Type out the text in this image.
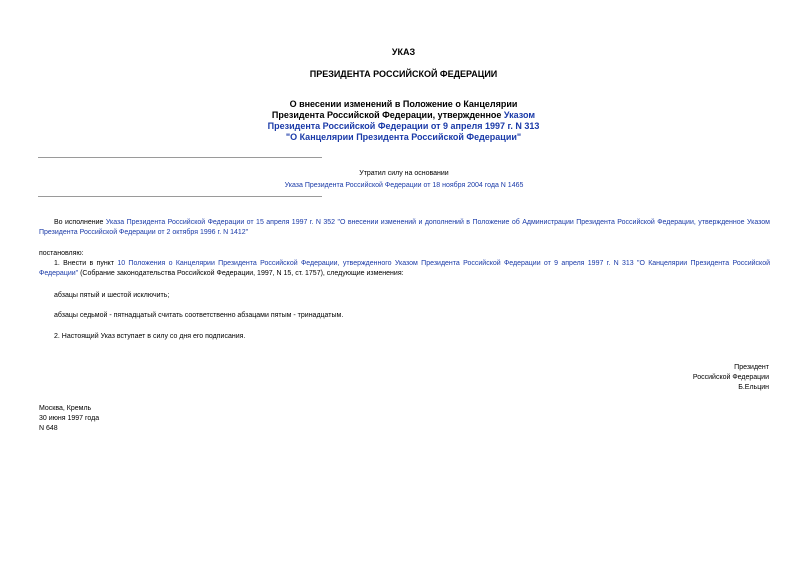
УКАЗ
ПРЕЗИДЕНТА РОССИЙСКОЙ ФЕДЕРАЦИИ
О внесении изменений в Положение о Канцелярии
Президента Российской Федерации, утвержденное Указом
Президента Российской Федерации от 9 апреля 1997 г. N 313
"О Канцелярии Президента Российской Федерации"
Утратил силу на основании
Указа Президента Российской Федерации от 18 ноября 2004 года N 1465
Во исполнение Указа Президента Российской Федерации от 15 апреля 1997 г. N 352 "О внесении изменений и дополнений в Положение об Администрации Президента Российской Федерации, утвержденное Указом Президента Российской Федерации от 2 октября 1996 г. N 1412"
постановляю:
1. Внести в пункт 10 Положения о Канцелярии Президента Российской Федерации, утвержденного Указом Президента Российской Федерации от 9 апреля 1997 г. N 313 "О Канцелярии Президента Российской Федерации" (Собрание законодательства Российской Федерации, 1997, N 15, ст. 1757), следующие изменения:
абзацы пятый и шестой исключить;
абзацы седьмой - пятнадцатый считать соответственно абзацами пятым - тринадцатым.
2. Настоящий Указ вступает в силу со дня его подписания.
Президент
Российской Федерации
Б.Ельцин
Москва, Кремль
30 июня 1997 года
N 648
